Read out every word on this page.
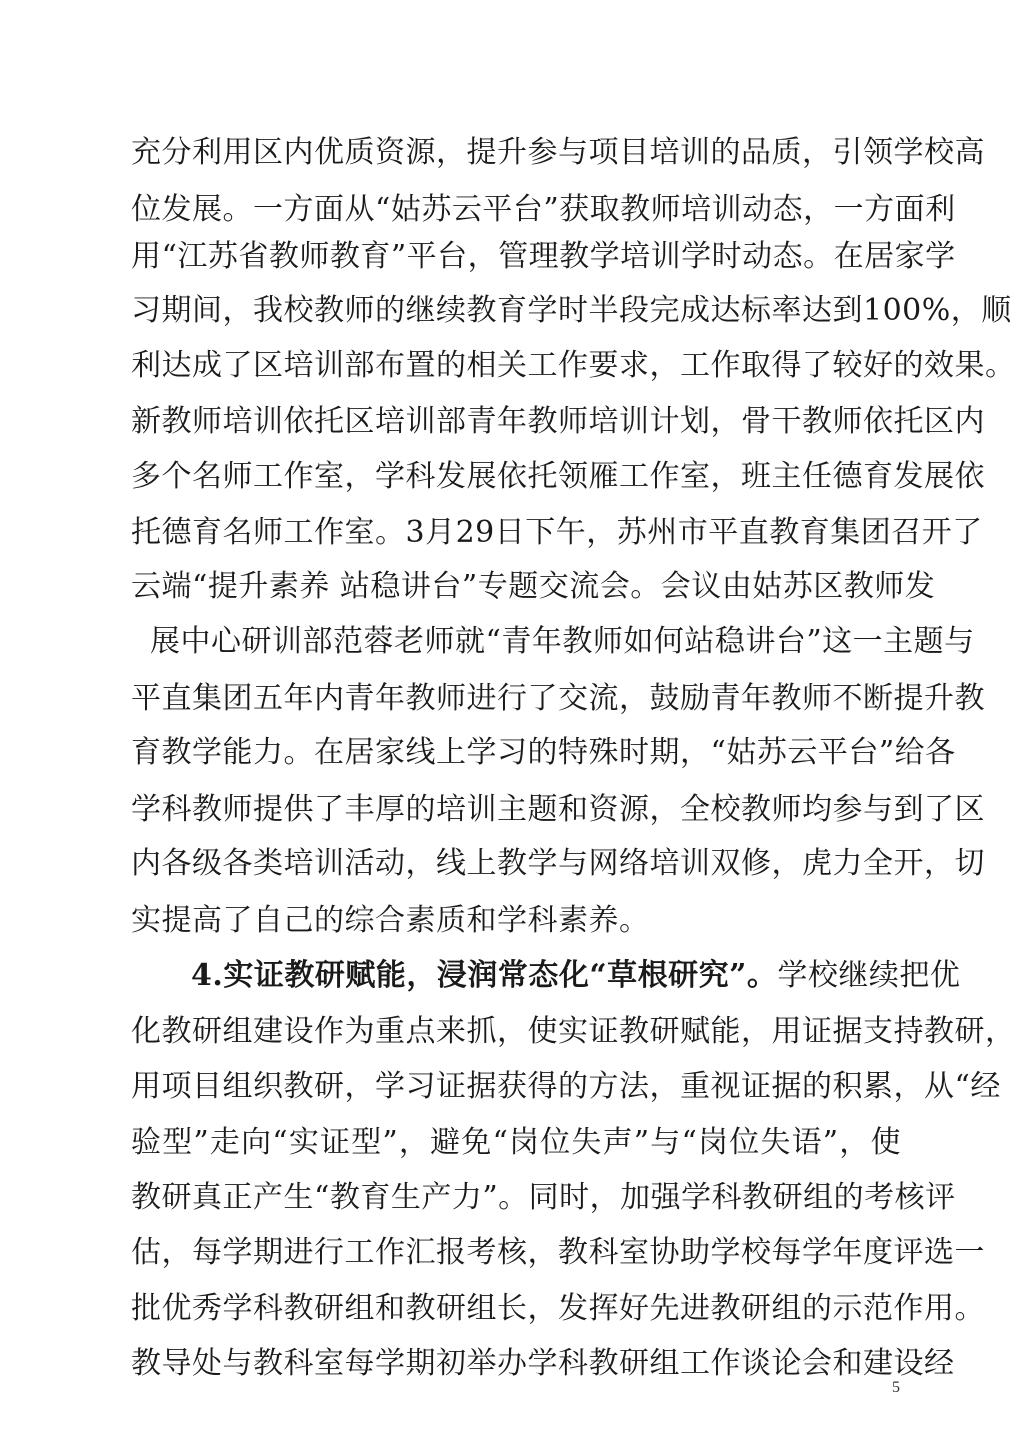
充分利用区内优质资源，提升参与项目培训的品质，引领学校高
位发展。一方面从“姑苏云平台”获取教师培训动态，一方面利
用“江苏省教师教育”平台，管理教学培训学时动态。在居家学
习期间，我校教师的继续教育学时半段完成达标率达到100%，顺
利达成了区培训部布置的相关工作要求，工作取得了较好的效果。
新教师培训依托区培训部青年教师培训计划，骨干教师依托区内
多个名师工作室，学科发展依托领雁工作室，班主任德育发展依
托德育名师工作室。3月29日下午，苏州市平直教育集团召开了
云端“提升素养 站稳讲台”专题交流会。会议由姑苏区教师发
展中心研训部范蓉老师就“青年教师如何站稳讲台”这一主题与
平直集团五年内青年教师进行了交流，鼓励青年教师不断提升教
育教学能力。在居家线上学习的特殊时期，“姑苏云平台”给各
学科教师提供了丰厚的培训主题和资源，全校教师均参与到了区
内各级各类培训活动，线上教学与网络培训双修，虎力全开，切
实提高了自己的综合素质和学科素养。
4.实证教研赋能，浸润常态化“草根研究”。学校继续把优
化教研组建设作为重点来抓，使实证教研赋能，用证据支持教研，
用项目组织教研，学习证据获得的方法，重视证据的积累，从“经
验型”走向“实证型”，避免“岗位失声”与“岗位失语”，使
教研真正产生“教育生产力”。同时，加强学科教研组的考核评
估，每学期进行工作汇报考核，教科室协助学校每学年度评选一
批优秀学科教研组和教研组长，发挥好先进教研组的示范作用。
教导处与教科室每学期初举办学科教研组工作谈论会和建设经
5
